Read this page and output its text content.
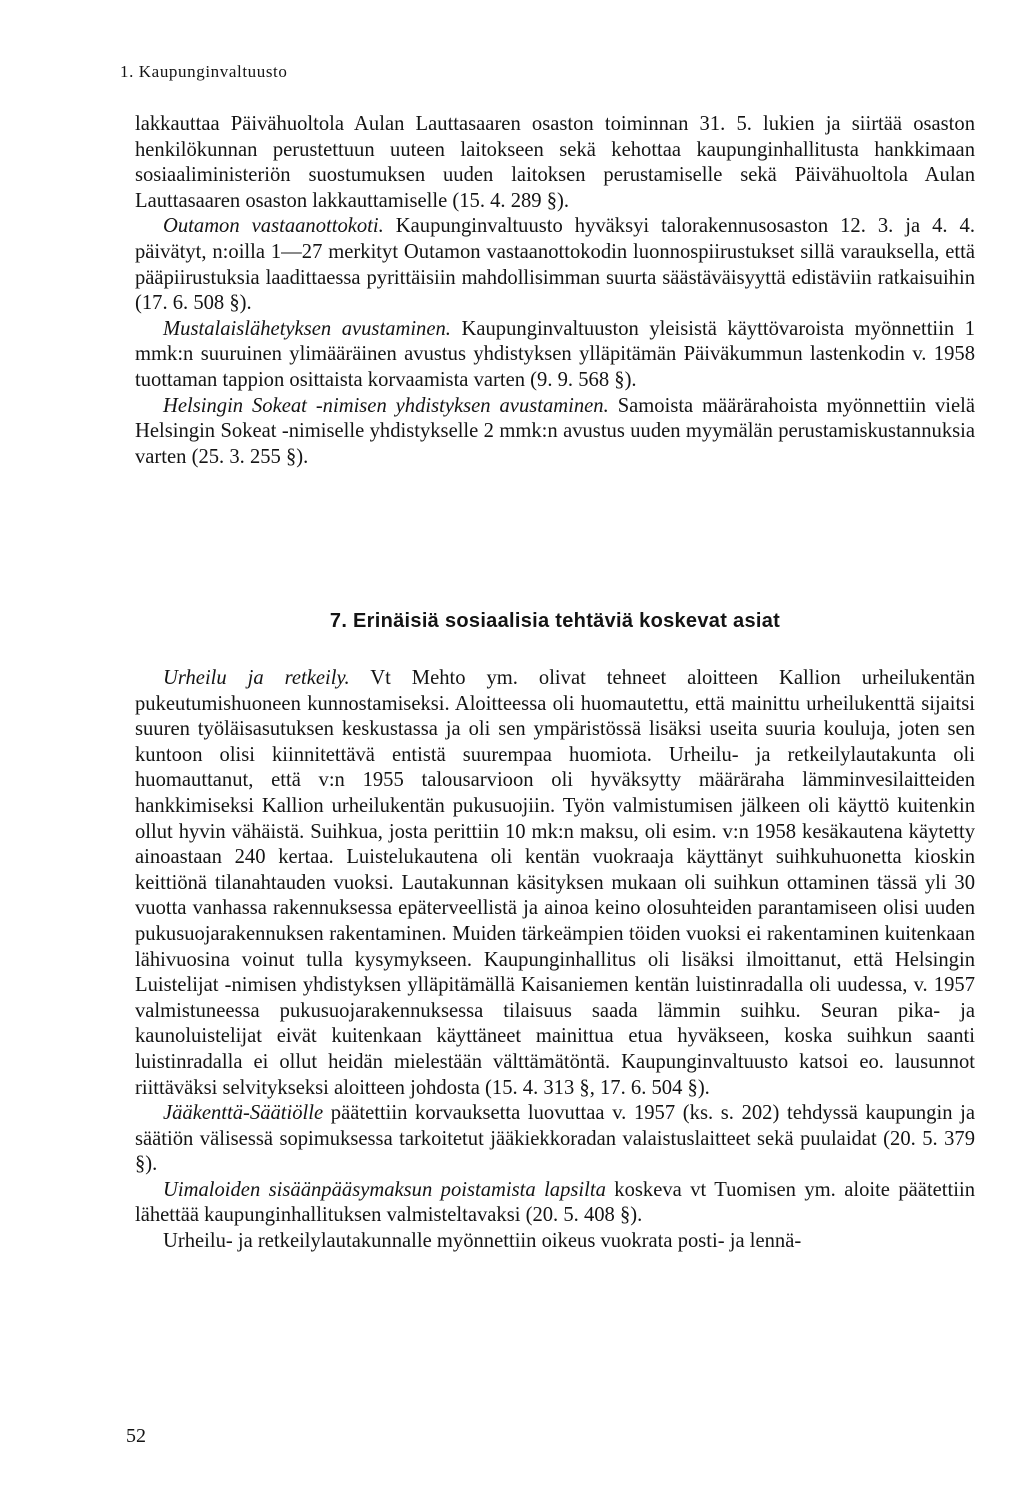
1. Kaupunginvaltuusto

lakkauttaa Päivähuoltola Aulan Lauttasaaren osaston toiminnan 31. 5. lukien ja siirtää osaston henkilökunnan perustettuun uuteen laitokseen sekä kehottaa kaupunginhallitusta hankkimaan sosiaaliministeriön suostumuksen uuden laitoksen perustamiselle sekä Päivähuoltola Aulan Lauttasaaren osaston lakkauttamiselle (15. 4. 289 §).

Outamon vastaanottokoti. Kaupunginvaltuusto hyväksyi talorakennusosaston 12. 3. ja 4. 4. päivätyt, n:oilla 1—27 merkityt Outamon vastaanottokodin luonnospiirustukset sillä varauksella, että pääpiirustuksia laadittaessa pyrittäisiin mahdollisimman suurta säästäväisyyttä edistäviin ratkaisuihin (17. 6. 508 §).

Mustalaislähetyksen avustaminen. Kaupunginvaltuuston yleisistä käyttövaroista myönnettiin 1 mmk:n suuruinen ylimääräinen avustus yhdistyksen ylläpitämän Päiväkummun lastenkodin v. 1958 tuottaman tappion osittaista korvaamista varten (9. 9. 568 §).

Helsingin Sokeat -nimisen yhdistyksen avustaminen. Samoista määrärahoista myönnettiin vielä Helsingin Sokeat -nimiselle yhdistykselle 2 mmk:n avustus uuden myymälän perustamiskustannuksia varten (25. 3. 255 §).

7. Erinäisiä sosiaalisia tehtäviä koskevat asiat

Urheilu ja retkeily. Vt Mehto ym. olivat tehneet aloitteen Kallion urheilukentän pukeutumishuoneen kunnostamiseksi. Aloitteessa oli huomautettu, että mainittu urheilukenttä sijaitsi suuren työläisasutuksen keskustassa ja oli sen ympäristössä lisäksi useita suuria kouluja, joten sen kuntoon olisi kiinnitettävä entistä suurempaa huomiota. Urheilu- ja retkeilylautakunta oli huomauttanut, että v:n 1955 talousarvioon oli hyväksytty määräraha lämminvesilaitteiden hankkimiseksi Kallion urheilukentän pukusuojiin. Työn valmistumisen jälkeen oli käyttö kuitenkin ollut hyvin vähäistä. Suihkua, josta perittiin 10 mk:n maksu, oli esim. v:n 1958 kesäkautena käytetty ainoastaan 240 kertaa. Luistelukautena oli kentän vuokraaja käyttänyt suihkuhuonetta kioskin keittiönä tilanahtauden vuoksi. Lautakunnan käsityksen mukaan oli suihkun ottaminen tässä yli 30 vuotta vanhassa rakennuksessa epäterveellistä ja ainoa keino olosuhteiden parantamiseen olisi uuden pukusuojarakennuksen rakentaminen. Muiden tärkeämpien töiden vuoksi ei rakentaminen kuitenkaan lähivuosina voinut tulla kysymykseen. Kaupunginhallitus oli lisäksi ilmoittanut, että Helsingin Luistelijat -nimisen yhdistyksen ylläpitämällä Kaisaniemen kentän luistinradalla oli uudessa, v. 1957 valmistuneessa pukusuojarakennuksessa tilaisuus saada lämmin suihku. Seuran pika- ja kaunoluistelijat eivät kuitenkaan käyttäneet mainittua etua hyväkseen, koska suihkun saanti luistinradalla ei ollut heidän mielestään välttämätöntä. Kaupunginvaltuusto katsoi eo. lausunnot riittäväksi selvitykseksi aloitteen johdosta (15. 4. 313 §, 17. 6. 504 §).

Jääkenttä-Säätiölle päätettiin korvauksetta luovuttaa v. 1957 (ks. s. 202) tehdyssä kaupungin ja säätiön välisessä sopimuksessa tarkoitetut jääkiekkoradan valaistuslaitteet sekä puulaidat (20. 5. 379 §).

Uimaloiden sisäänpääsymaksun poistamista lapsilta koskeva vt Tuomisen ym. aloite päätettiin lähettää kaupunginhallituksen valmisteltavaksi (20. 5. 408 §).

Urheilu- ja retkeilylautakunnalle myönnettiin oikeus vuokrata posti- ja lennä-

52
